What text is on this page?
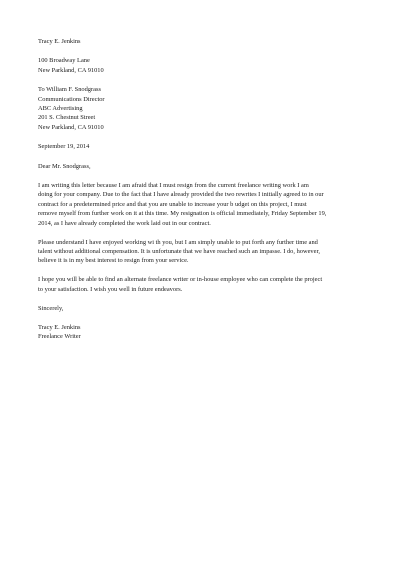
Tracy E. Jenkins
100 Broadway Lane
New Parkland, CA 91010
To William F. Snodgrass
Communications Director
ABC Advertising
201 S. Chestnut Street
New Parkland, CA 91010
September 19, 2014
Dear Mr. Snodgrass,
I am writing this letter because I am afraid that I must resign from the current freelance writing work I am
doing for your company. Due to the fact that I have already provided the two rewrites I initially agreed to in our
contract for a predetermined price and that you are unable to increase your b udget on this project, I must
remove myself from further work on it at this time. My resignation is official immediately, Friday September 19,
2014, as I have already completed the work laid out in our contract.
Please understand I have enjoyed working wi th you, but I am simply unable to put forth any further time and
talent without additional compensation. It is unfortunate that we have reached such an impasse. I do, however,
believe it is in my best interest to resign from your service.
I hope you will be able to find an alternate freelance writer or in-house employee who can complete the project
to your satisfaction. I wish you well in future endeavors.
Sincerely,
Tracy E. Jenkins
Freelance Writer
